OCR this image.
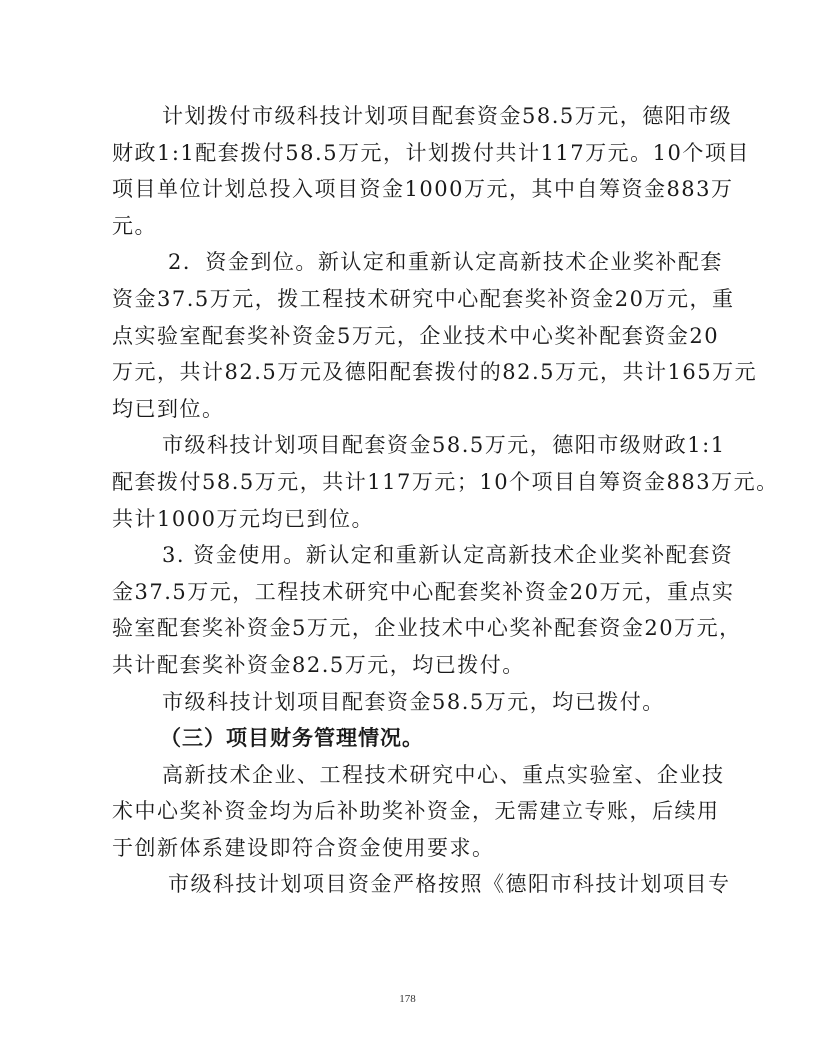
计划拨付市级科技计划项目配套资金58.5万元，德阳市级
财政1:1配套拨付58.5万元，计划拨付共计117万元。10个项目
项目单位计划总投入项目资金1000万元，其中自筹资金883万
元。
2．资金到位。新认定和重新认定高新技术企业奖补配套
资金37.5万元，拨工程技术研究中心配套奖补资金20万元，重
点实验室配套奖补资金5万元，企业技术中心奖补配套资金20
万元，共计82.5万元及德阳配套拨付的82.5万元，共计165万元
均已到位。
市级科技计划项目配套资金58.5万元，德阳市级财政1:1
配套拨付58.5万元，共计117万元；10个项目自筹资金883万元。
共计1000万元均已到位。
3. 资金使用。新认定和重新认定高新技术企业奖补配套资
金37.5万元，工程技术研究中心配套奖补资金20万元，重点实
验室配套奖补资金5万元，企业技术中心奖补配套资金20万元，
共计配套奖补资金82.5万元，均已拨付。
市级科技计划项目配套资金58.5万元，均已拨付。
（三）项目财务管理情况。
高新技术企业、工程技术研究中心、重点实验室、企业技
术中心奖补资金均为后补助奖补资金，无需建立专账，后续用
于创新体系建设即符合资金使用要求。
市级科技计划项目资金严格按照《德阳市科技计划项目专
178
